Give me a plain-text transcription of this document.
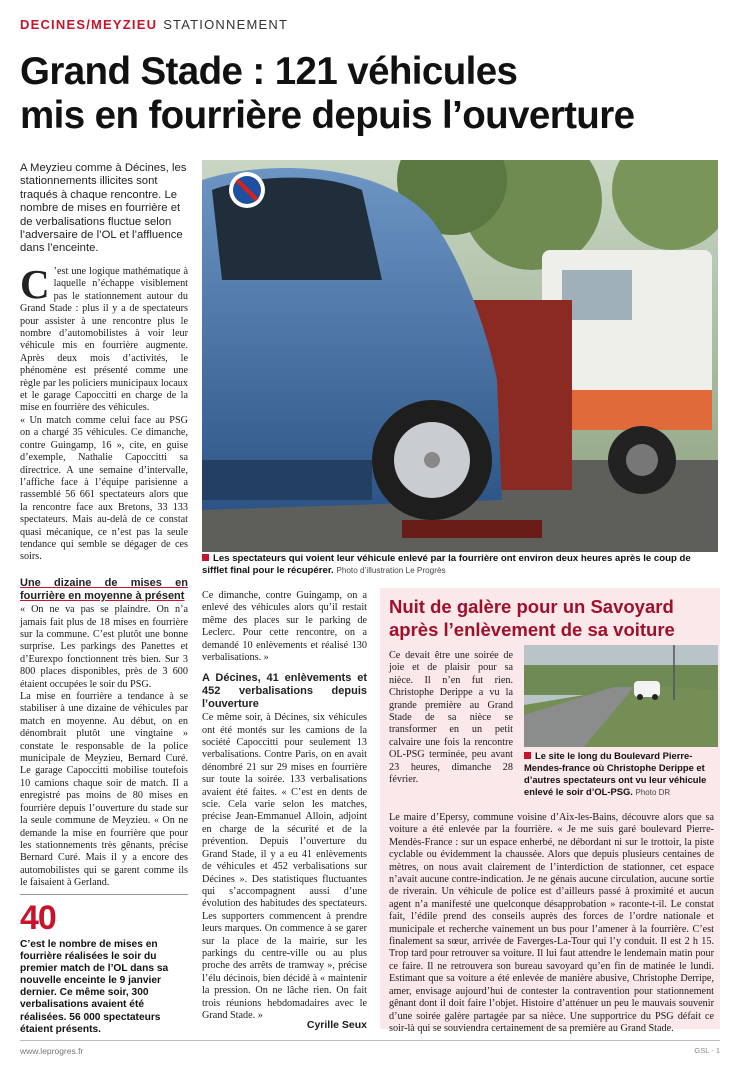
DECINES/MEYZIEU STATIONNEMENT
Grand Stade : 121 véhicules
mis en fourrière depuis l’ouverture
A Meyzieu comme à Décines, les stationnements illicites sont traqués à chaque rencontre. Le nombre de mises en fourrière et de verbalisations fluctue selon l’adversaire de l’OL et l’affluence dans l’enceinte.

C ’est une logique mathématique à laquelle n’échappe visiblement pas le stationnement autour du Grand Stade : plus il y a de spectateurs pour assister à une rencontre plus le nombre d’automobilistes à voir leur véhicule mis en fourrière augmente. Après deux mois d’activités, le phénomène est présenté comme une règle par les policiers municipaux locaux et le garage Capoccitti en charge de la mise en fourrière des véhicules.

« Un match comme celui face au PSG on a chargé 35 véhicules. Ce dimanche, contre Guingamp, 16 », cite, en guise d’exemple, Nathalie Capoccitti sa directrice. A une semaine d’intervalle, l’affiche face à l’équipe parisienne a rassemblé 56 661 spectateurs alors que la rencontre face aux Bretons, 33 133 spectateurs. Mais au-delà de ce constat quasi mécanique, ce n’est pas la seule tendance qui semble se dégager de ces soirs.	Les spectateurs qui voient leur véhicule enlevé par la fourrière ont environ deux heures après le coup de sifflet final pour le récupérer. Photo d’illustration Le Progrès
Une dizaine de mises en fourrière en moyenne à présent

« On ne va pas se plaindre. On n’a jamais fait plus de 18 mises en fourrière sur la commune. C’est plutôt une bonne surprise. Les parkings des Panettes et d’Eurexpo fonctionnent très bien. Sur 3 800 places disponibles, près de 3 600 étaient occupées le soir du PSG.

La mise en fourrière a tendance à se stabiliser à une dizaine de véhicules par match en moyenne. Au début, on en dénombrait plutôt une vingtaine » constate le responsable de la police municipale de Meyzieu, Bernard Curé. Le garage Capoccitti mobilise toutefois 10 camions chaque soir de match. Il a enregistré pas moins de 80 mises en fourrière depuis l’ouverture du stade sur la seule commune de Meyzieu. « On ne demande la mise en fourrière que pour les stationnements très gênants, précise Bernard Curé. Mais il y a encore des automobilistes qui se garent comme ils le faisaient à Gerland.

40
C’est le nombre de mises en fourrière réalisées le soir du premier match de l’OL dans sa nouvelle enceinte le 9 janvier dernier. Ce même soir, 300 verbalisations avaient été réalisées. 56 000 spectateurs étaient présents.

Ce dimanche, contre Guingamp, on a enlevé des véhicules alors qu’il restait même des places sur le parking de Leclerc. Pour cette rencontre, on a demandé 10 enlèvements et réalisé 130 verbalisations. »

A Décines, 41 enlèvements et 452 verbalisations depuis l’ouverture

Ce même soir, à Décines, six véhicules ont été montés sur les camions de la société Capoccitti pour seulement 13 verbalisations. Contre Paris, on en avait dénombré 21 sur 29 mises en fourrière sur toute la soirée. 133 verbalisations avaient été faites. « C’est en dents de scie. Cela varie selon les matches, précise Jean-Emmanuel Alloin, adjoint en charge de la sécurité et de la prévention. Depuis l’ouverture du Grand Stade, il y a eu 41 enlèvements de véhicules et 452 verbalisations sur Décines ». Des statistiques fluctuantes qui s’accompagnent aussi d’une évolution des habitudes des spectateurs. Les supporters commencent à prendre leurs marques. On commence à se garer sur la place de la mairie, sur les parkings du centre-ville ou au plus proche des arrêts de tramway », précise l’élu décinois, bien décidé à « maintenir la pression. On ne lâche rien. On fait trois réunions hebdomadaires avec le Grand Stade. »

Cyrille Seux
Nuit de galère pour un Savoyard après l’enlèvement de sa voiture

Ce devait être une soirée de joie et de plaisir pour sa nièce. Il n’en fut rien. Christophe Derippe a vu la grande première au Grand Stade de sa nièce se transformer en un petit calvaire une fois la rencontre OL-PSG terminée, peu avant 23 heures, dimanche 28 février.

Le site le long du Boulevard Pierre-Mendes-france où Christophe Derippe et d’autres spectateurs ont vu leur véhicule enlevé le soir d’OL-PSG. Photo DR

Le maire d’Epersy, commune voisine d’Aix-les-Bains, découvre alors que sa voiture a été enlevée par la fourrière. « Je me suis garé boulevard Pierre-Mendès-France : sur un espace enherbé, ne débordant ni sur le trottoir, la piste cyclable ou évidemment la chaussée. Alors que depuis plusieurs centaines de mètres, on nous avait clairement de l’interdiction de stationner, cet espace n’avait aucune contre-indication. Je ne génais aucune circulation, aucune sortie de riverain. Un véhicule de police est d’ailleurs passé à proximité et aucun agent n’a manifesté une quelconque désapprobation » raconte-t-il. Le constat fait, l’édile prend des conseils auprès des forces de l’ordre nationale et municipale et recherche vainement un bus pour l’amener à la fourrière. C’est finalement sa sœur, arrivée de Faverges-La-Tour qui l’y conduit. Il est 2 h 15. Trop tard pour retrouver sa voiture. Il lui faut attendre le lendemain matin pour ce faire. Il ne retrouvera son bureau savoyard qu’en fin de matinée le lundi. Estimant que sa voiture a été enlevée de manière abusive, Christophe Derripe, amer, envisage aujourd’hui de contester la contravention pour stationnement gênant dont il doit faire l’objet. Histoire d’atténuer un peu le mauvais souvenir d’une soirée galère partagée par sa nièce. Une supportrice du PSG défait ce soir-là qui se souviendra certainement de sa première au Grand Stade.

www.leprogres.fr	GSL - 1
